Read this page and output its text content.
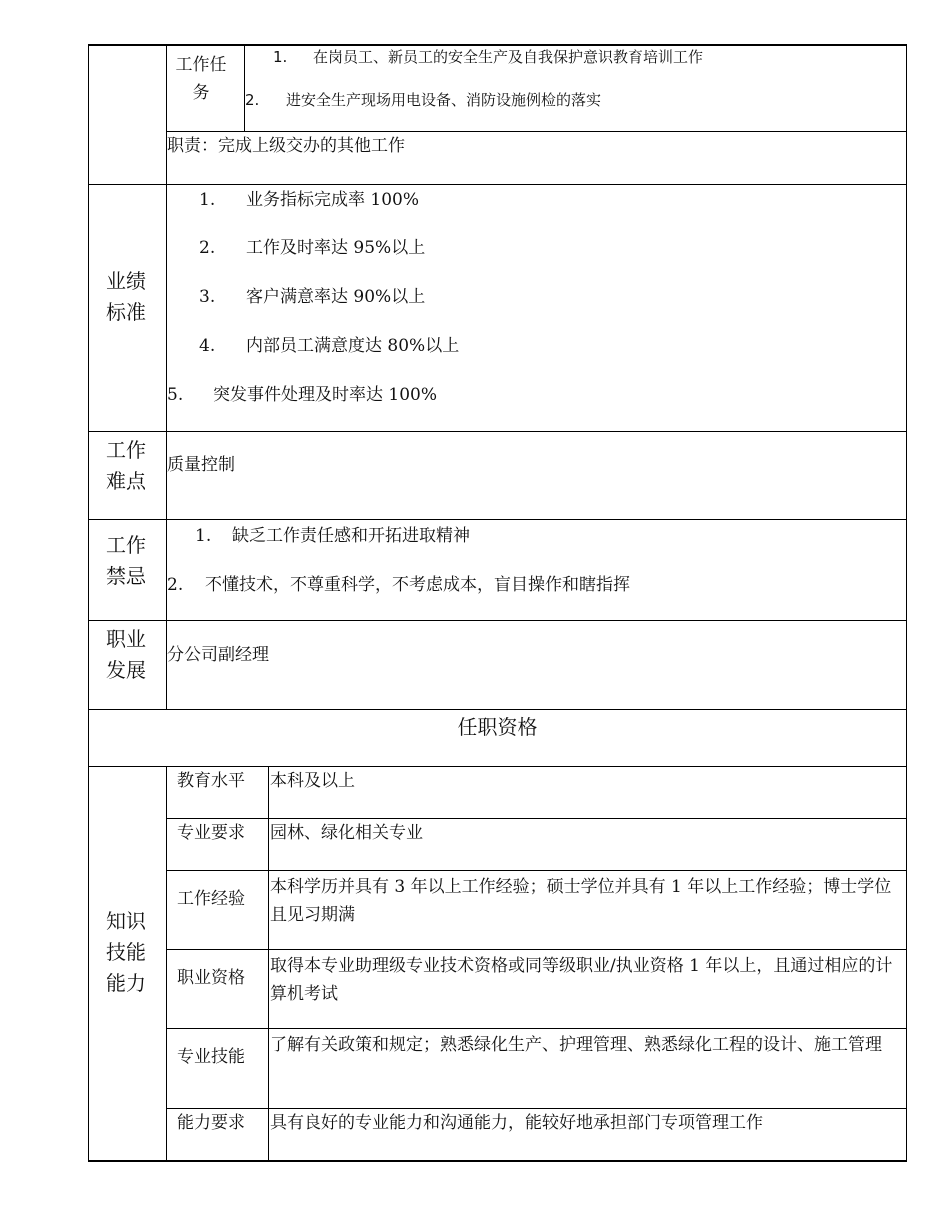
工作任务
1. 在岗员工、新员工的安全生产及自我保护意识教育培训工作
2. 进安全生产现场用电设备、消防设施例检的落实
职责：完成上级交办的其他工作
业绩
标准
1. 业务指标完成率 100%
2. 工作及时率达 95%以上
3. 客户满意率达 90%以上
4. 内部员工满意度达 80%以上
5. 突发事件处理及时率达 100%
工作
难点
质量控制
工作
禁忌
1. 缺乏工作责任感和开拓进取精神
2. 不懂技术，不尊重科学，不考虑成本，盲目操作和瞎指挥
职业
发展
分公司副经理
任职资格
知识
技能
能力
教育水平 本科及以上
专业要求 园林、绿化相关专业
工作经验
本科学历并具有 3 年以上工作经验；硕士学位并具有 1 年以上工作经验；博士学位且见习期满
职业资格
取得本专业助理级专业技术资格或同等级职业/执业资格 1 年以上，且通过相应的计算机考试
专业技能
了解有关政策和规定；熟悉绿化生产、护理管理、熟悉绿化工程的设计、施工管理
能力要求 具有良好的专业能力和沟通能力，能较好地承担部门专项管理工作
